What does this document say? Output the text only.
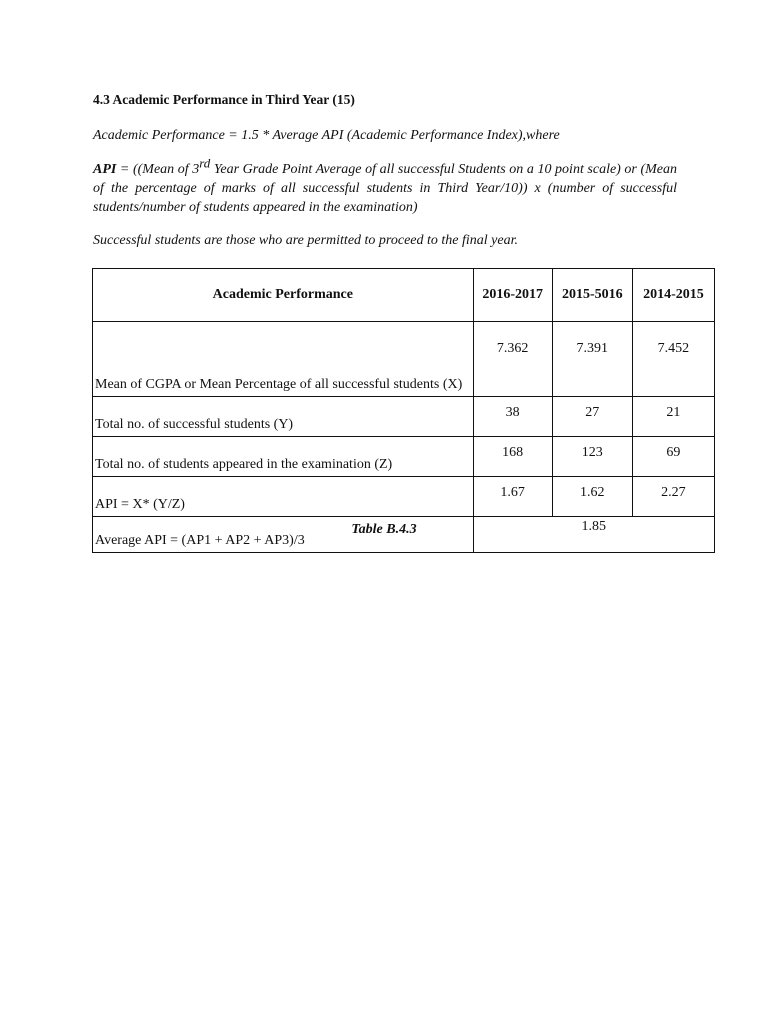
4.3 Academic Performance in Third Year (15)

Academic Performance = 1.5 * Average API (Academic Performance Index),where

API = ((Mean of 3rd Year Grade Point Average of all successful Students on a 10 point scale) or (Mean of the percentage of marks of all successful students in Third Year/10)) x (number of successful students/number of students appeared in the examination)

Successful students are those who are permitted to proceed to the final year.

Academic Performance	2016-2017	2015-5016	2014-2015
Mean of CGPA or Mean Percentage of all successful students (X)	7.362	7.391	7.452
Total no. of successful students (Y)	38	27	21
Total no. of students appeared in the examination (Z)	168	123	69
API = X* (Y/Z)	1.67	1.62	2.27
Average API = (AP1 + AP2 + AP3)/3	1.85		

Table B.4.3
